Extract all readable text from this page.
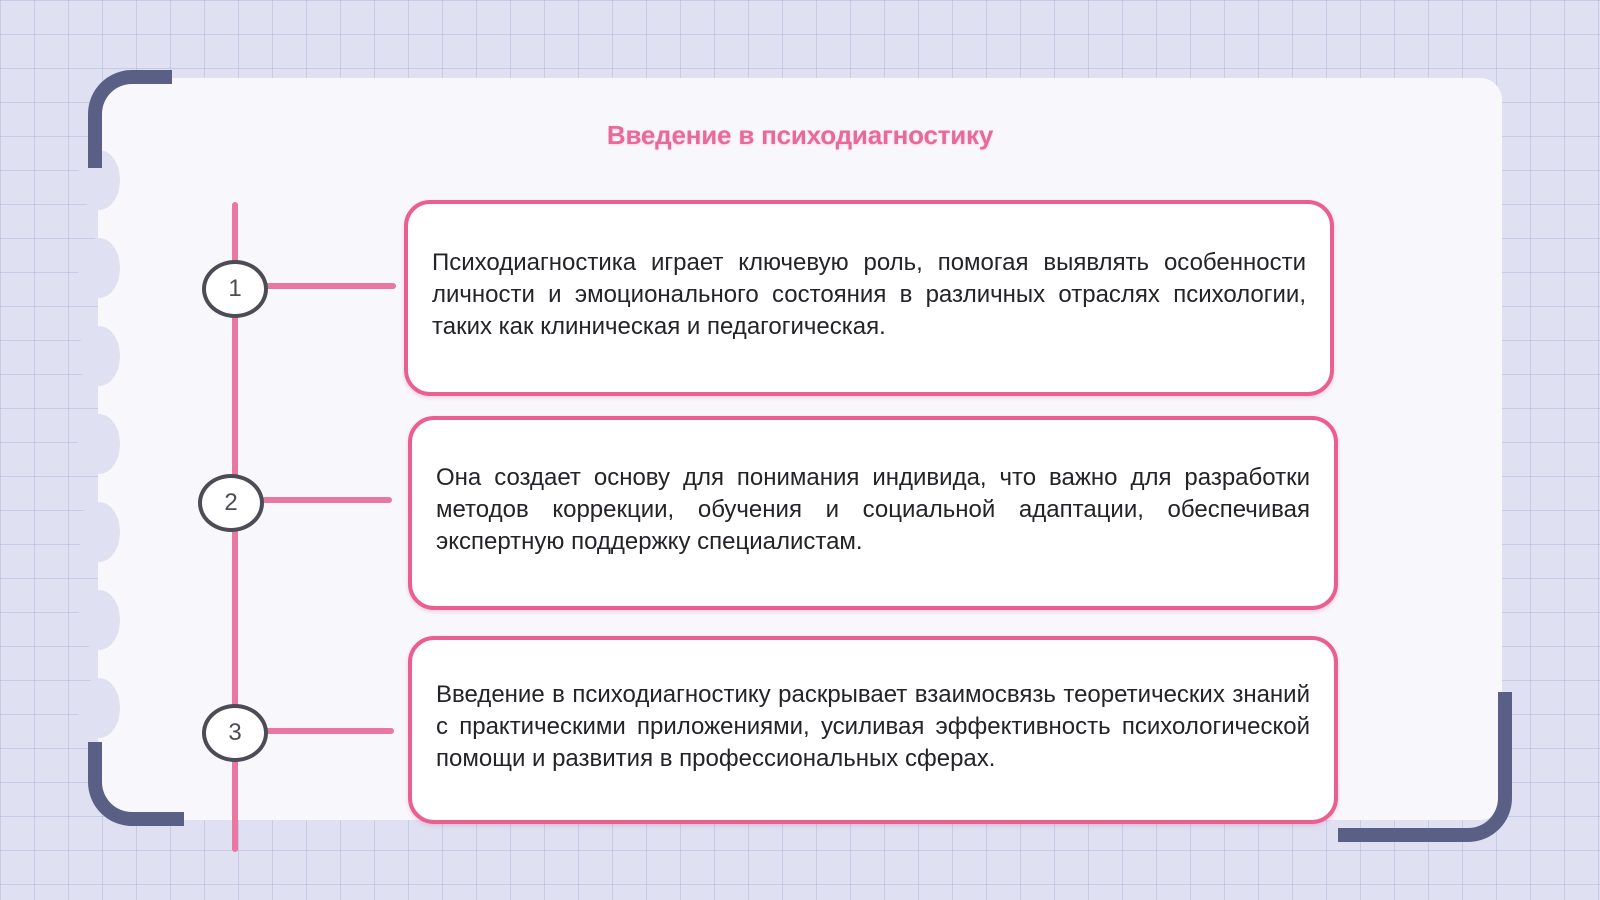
Введение в психодиагностику
1
2
3

Психодиагностика играет ключевую роль, помогая выявлять особенности личности и эмоционального состояния в различных отраслях психологии, таких как клиническая и педагогическая.

Она создает основу для понимания индивида, что важно для разработки методов коррекции, обучения и социальной адаптации, обеспечивая экспертную поддержку специалистам.

Введение в психодиагностику раскрывает взаимосвязь теоретических знаний с практическими приложениями, усиливая эффективность психологической помощи и развития в профессиональных сферах.
